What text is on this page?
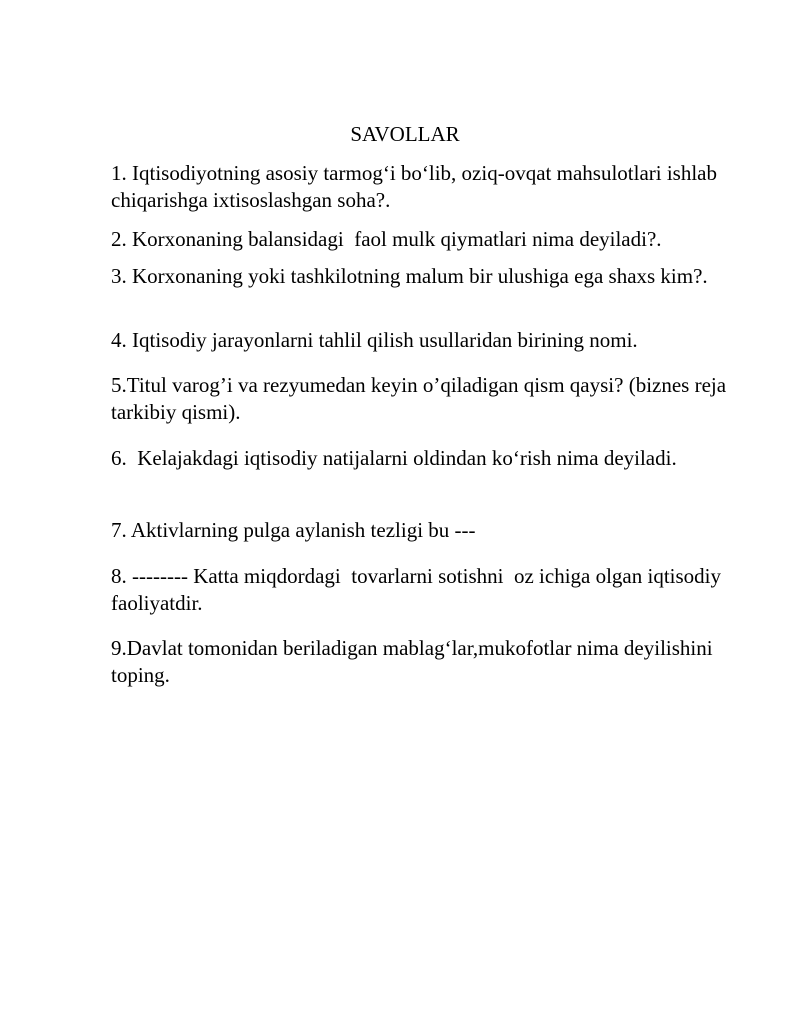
SAVOLLAR

1. Iqtisodiyotning asosiy tarmog‘i bo‘lib, oziq-ovqat mahsulotlari ishlab chiqarishga ixtisoslashgan soha?.

2. Korxonaning balansidagi  faol mulk qiymatlari nima deyiladi?.

3. Korxonaning yoki tashkilotning malum bir ulushiga ega shaxs kim?.

4. Iqtisodiy jarayonlarni tahlil qilish usullaridan birining nomi.

5.Titul varog’i va rezyumedan keyin o’qiladigan qism qaysi? (biznes reja tarkibiy qismi).

6.  Kelajakdagi iqtisodiy natijalarni oldindan ko‘rish nima deyiladi.

7. Aktivlarning pulga aylanish tezligi bu ---

8. -------- Katta miqdordagi  tovarlarni sotishni  oz ichiga olgan iqtisodiy faoliyatdir.

9.Davlat tomonidan beriladigan mablag‘lar,mukofotlar nima deyilishini toping.
